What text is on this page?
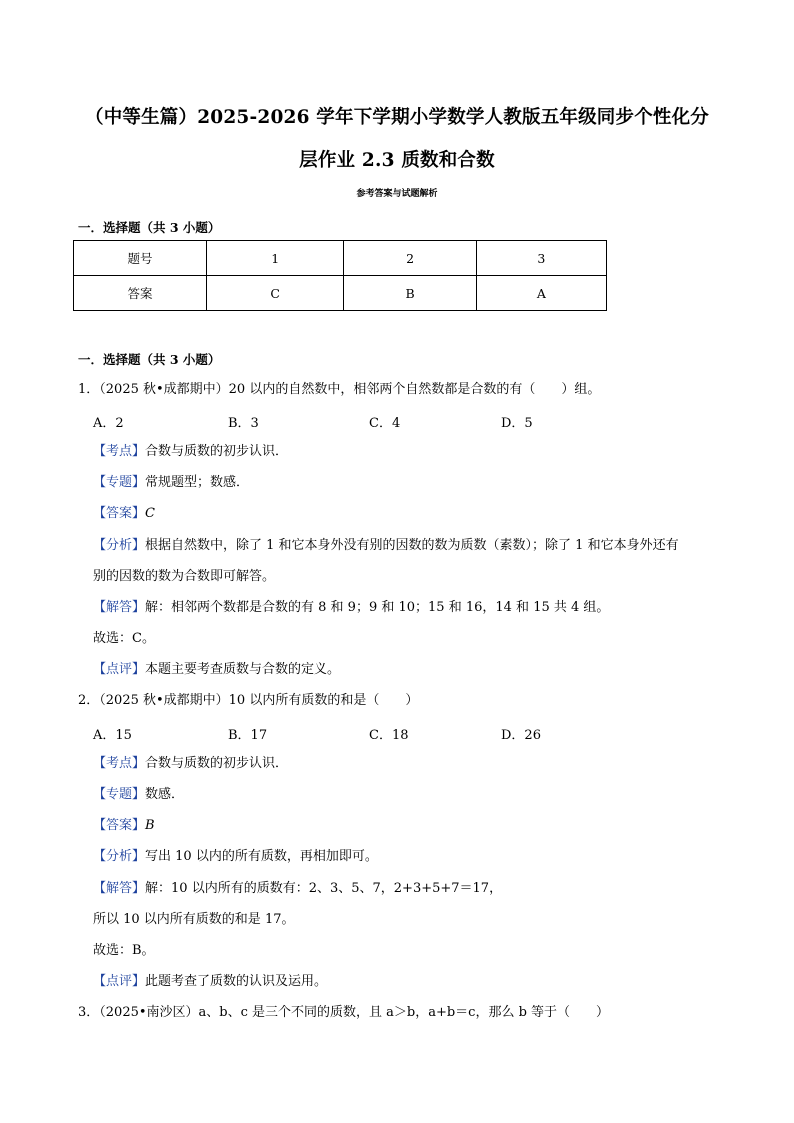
（中等生篇）2025-2026 学年下学期小学数学人教版五年级同步个性化分
层作业 2.3 质数和合数
参考答案与试题解析
一．选择题（共 3 小题）
题号	1	2	3
答案	C	B	A
一．选择题（共 3 小题）
1．（2025 秋•成都期中）20 以内的自然数中，相邻两个自然数都是合数的有（　　）组。
A．2	B．3	C．4	D．5
【考点】合数与质数的初步认识．
【专题】常规题型；数感．
【答案】C
【分析】根据自然数中，除了 1 和它本身外没有别的因数的数为质数（素数）；除了 1 和它本身外还有
别的因数的数为合数即可解答。
【解答】解：相邻两个数都是合数的有 8 和 9；9 和 10；15 和 16，14 和 15 共 4 组。
故选：C。
【点评】本题主要考查质数与合数的定义。
2．（2025 秋•成都期中）10 以内所有质数的和是（　　）
A．15	B．17	C．18	D．26
【考点】合数与质数的初步认识．
【专题】数感．
【答案】B
【分析】写出 10 以内的所有质数，再相加即可。
【解答】解：10 以内所有的质数有：2、3、5、7，2+3+5+7＝17，
所以 10 以内所有质数的和是 17。
故选：B。
【点评】此题考查了质数的认识及运用。
3．（2025•南沙区）a、b、c 是三个不同的质数，且 a＞b，a+b＝c，那么 b 等于（　　）
